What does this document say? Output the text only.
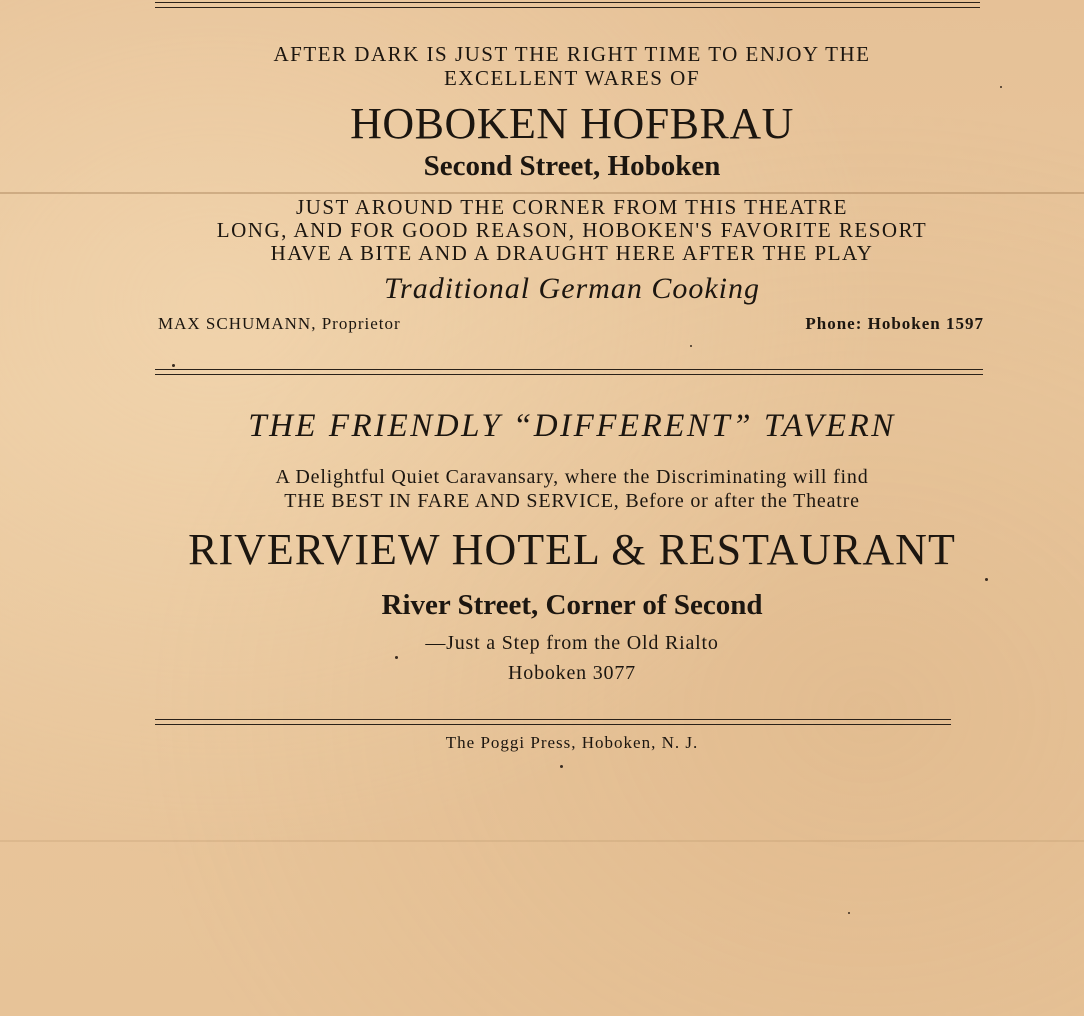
AFTER DARK IS JUST THE RIGHT TIME TO ENJOY THE
EXCELLENT WARES OF
HOBOKEN HOFBRAU
Second Street, Hoboken
JUST AROUND THE CORNER FROM THIS THEATRE
LONG, AND FOR GOOD REASON, HOBOKEN'S FAVORITE RESORT
HAVE A BITE AND A DRAUGHT HERE AFTER THE PLAY
Traditional German Cooking
MAX SCHUMANN, Proprietor	Phone: Hoboken 1597
THE FRIENDLY “DIFFERENT” TAVERN
A Delightful Quiet Caravansary, where the Discriminating will find
THE BEST IN FARE AND SERVICE, Before or after the Theatre
RIVERVIEW HOTEL & RESTAURANT
River Street, Corner of Second
—Just a Step from the Old Rialto
Hoboken 3077
The Poggi Press, Hoboken, N. J.
